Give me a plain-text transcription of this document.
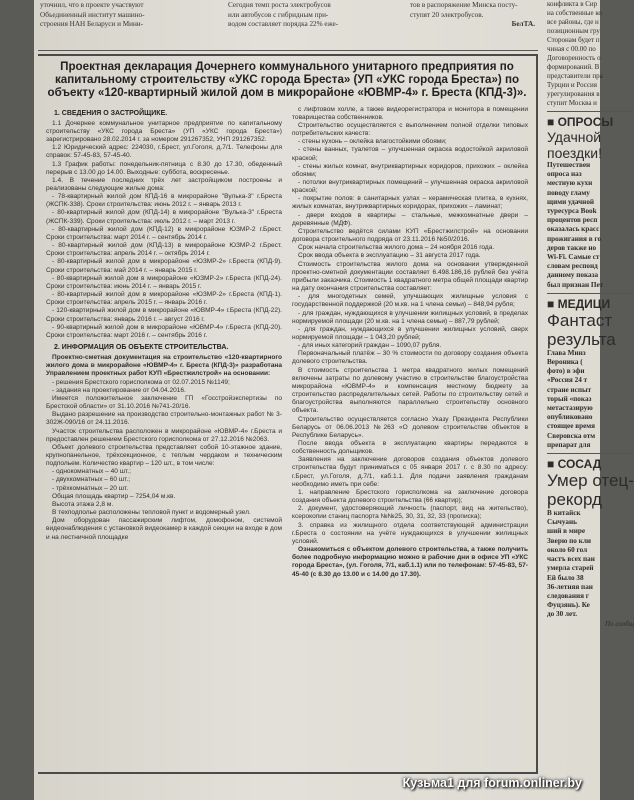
уточнил, что в проекте участвуют
Объединенный институт машино-
строения НАН Беларуси и Мини-
Сегодня темп роста электробусов
или автобусов с гибридным при-
водом составляет порядка 22% еже-
тов в распоряжение Минска посту-
ступят 20 электробусов.
БелТА.
Проектная декларация Дочернего коммунального унитарного предприятия по капитальному строительству «УКС города Бреста» (УП «УКС города Бреста») по объекту «120-квартирный жилой дом в микрорайоне «ЮВМР-4» г. Бреста (КПД-3)».
1. СВЕДЕНИЯ О ЗАСТРОЙЩИКЕ.

1.1 Дочернее коммунальное унитарное предприятие по капитальному строительству «УКС города Бреста» (УП «УКС города Бреста») зарегистрировано 28.02.2014 г. за номером 291267352, УНП 291267352.

1.2 Юридический адрес: 224030, г.Брест, ул.Гоголя, д.7/1. Телефоны для справок: 57-45-83, 57-45-40.

1.3 График работы: понедельник-пятница с 8.30 до 17.30, обеденный перерыв с 13.00 до 14.00. Выходные: суббота, воскресенье.

1.4. В течение последних трёх лет застройщиком построены и реализованы следующие жилые дома:

- 78-квартирный жилой дом КПД-16 в микрорайоне "Вулька-3" г.Бреста (ЖСПК-338). Сроки строительства: июнь 2012 г. – январь 2013 г.

- 80-квартирный жилой дом (КПД-14) в микрорайоне "Вулька-3" г.Бреста (ЖСПК-339). Сроки строительства: июль 2012 г. – март 2013 г.

- 80-квартирный жилой дом (КПД-12) в микрорайоне ЮЗМР-2 г.Брест. Сроки строительства: март 2014 г. – сентябрь 2014 г.

- 80-квартирный жилой дом (КПД-13) в микрорайоне ЮЗМР-2 г.Брест. Сроки строительства: апрель 2014 г. – октябрь 2014 г.

- 80-квартирный жилой дом в микрорайоне «ЮЗМР-2» г.Бреста (КПД-9). Сроки строительства: май 2014 г. – январь 2015 г.

- 80-квартирный жилой дом в микрорайоне «ЮЗМР-2» г.Бреста (КПД-24). Сроки строительства: июнь 2014 г. – январь 2015 г.

- 80-квартирный жилой дом в микрорайоне «ЮЗМР-2» г.Бреста (КПД-1). Сроки строительства: апрель 2015 г. – январь 2016 г.

- 120-квартирный жилой дом в микрорайоне «ЮВМР-4» г.Бреста (КПД-22). Сроки строительства: январь 2016 г. – август 2016 г.

- 90-квартирный жилой дом в микрорайоне «ЮВМР-4» г.Бреста (КПД-20). Сроки строительства: март 2016 г. – сентябрь 2016 г.

2. ИНФОРМАЦИЯ ОБ ОБЪЕКТЕ СТРОИТЕЛЬСТВА.

Проектно-сметная документация на строительство «120-квартирного жилого дома в микрорайоне «ЮВМР-4» г. Бреста (КПД-3)» разработана Управлением проектных работ КУП «Брестжилстрой» на основании:

- решения Брестского горисполкома от 02.07.2015 №1149;

- задания на проектирование от 04.04.2016.

Имеется положительное заключение ГП «Госстройэкспертизы по Брестской области» от 31.10.2016 №741-20/16.

Выдано разрешение на производство строительно-монтажных работ № 3-302Ж-090/16 от 24.11.2016.

Участок строительства расположен в микрорайоне «ЮВМР-4» г.Бреста и предоставлен решением Брестского горисполкома от 27.12.2016 №2063.

Объект долевого строительства представляет собой 10-этажное здание, крупнопанельное, трёхсекционное, с теплым чердаком и техническим подпольем. Количество квартир – 120 шт., в том числе:

- однокомнатных – 40 шт.;

- двухкомнатных – 60 шт.;

- трёхкомнатных – 20 шт.

Общая площадь квартир – 7254,04 м.кв.

Высота этажа 2,8 м.

В техподполье расположены тепловой пункт и водомерный узел.

Дом оборудован пассажирским лифтом, домофоном, системой видеонаблюдения с установкой видеокамер в каждой секции на входе в дом и на лестничной площадке

с лифтовом холле, а также видеорегистратора и монитора в помещении товарищества собственников.

Строительство осуществляется с выполнением полной отделки типовых потребительских качеств:

- стены кухонь – оклейка влагостойкими обоями;

- стены ванных, туалетов – улучшенная окраска водостойкой акриловой краской;

- стены жилых комнат, внутриквартирных коридоров, прихожих – оклейка обоями;

- потолки внутриквартирных помещений – улучшенная окраска акриловой краской;

- покрытие полов: в санитарных узлах – керамическая плитка, в кухнях, жилых комнатах, внутриквартирных коридорах, прихожих – ламинат;

- двери входов в квартиры – стальные, межкомнатные двери – деревянные (МДФ).

Строительство ведётся силами КУП «Брестжилстрой» на основании договора строительного подряда от 23.11.2016 №50/2016.

Срок начала строительства жилого дома – 24 ноября 2016 года.

Срок ввода объекта в эксплуатацию – 31 августа 2017 года.

Стоимость строительства жилого дома на основании утвержденной проектно-сметной документации составляет 6.498.186,16 рублей без учёта прибыли заказчика. Стоимость 1 квадратного метра общей площади квартир на дату окончания строительства составляет:

- для многодетных семей, улучшающих жилищные условия с государственной поддержкой (20 м.кв. на 1 члена семьи) – 848,94 рубля;

- для граждан, нуждающихся в улучшении жилищных условий, в пределах нормируемой площади (20 м.кв. на 1 члена семьи) – 887,79 рублей;

- для граждан, нуждающихся в улучшении жилищных условий, сверх нормируемой площади – 1 043,20 рублей;

- для иных категорий граждан – 1090,07 рубля.

Первоначальный платёж – 30 % стоимости по договору создания объекта долевого строительства.

В стоимость строительства 1 метра квадратного жилых помещений включены затраты по долевому участию в строительстве благоустройства микрорайона «ЮВМР-4» и компенсация местному бюджету за строительство распределительных сетей. Работы по строительству сетей и благоустройства выполняются параллельно строительству основного объекта.

Строительство осуществляется согласно Указу Президента Республики Беларусь от 06.06.2013 №263 «О долевом строительстве объектов в Республике Беларусь».

После ввода объекта в эксплуатацию квартиры передаются в собственность дольщиков.

Заявления на заключение договоров создания объектов долевого строительства будут приниматься с 05 января 2017 г. с 8.30 по адресу: г.Брест, ул.Гоголя, д.7/1, каб.1.1. Для подачи заявления гражданам необходимо иметь при себе:

1. направление Брестского горисполкома на заключение договора создания объекта долевого строительства (66 квартир);

2. документ, удостоверяющий личность (паспорт, вид на жительство), ксерокопии станиц паспорта №№25, 30, 31, 32, 33 (прописка);

3. справка из жилищного отдела соответствующей администрации г.Бреста о состоянии на учёте нуждающихся в улучшении жилищных условий.

Ознакомиться с объектом долевого строительства, а также получить более подробную информацию можно в рабочие дни в офисе УП «УКС города Бреста», (ул. Гоголя, 7/1, каб.1.1) или по телефонам: 57-45-83, 57-45-40 (с 8.30 до 13.00 и с 14.00 до 17.30).

конфликта в Сир
на собственные ко
все районы, где н
позиционным гру
Сторонам будет п
чиная с 00.00 по
Договоренность о
формирований. В
представители пра
Турции и Россия
урегулирования в
ступит Москва и
■ ОПРОСЫ
Удачной поездки!
Путешествен
опроса наз
местную кухн
поводу гламу
щими удачной
туресурса Book
процентов респ
оказалась красс
прожигания в го
деров также но
Wi-Fi. Самые ст
словам респонд
данному показа
был признан Пет
■ МЕДИЦИ
Фантаст результа
Глава Минз
Вероника (
фото) в эфи
«Россия 24 т
стране испыт
торый «показ
метастазирую
опубликовано
стоящее время
Сверовска отм
препарат для
■ СОСАД
Умер отец- рекорд
В китайск
Сычуань
ший в мире
Зверю по кли
около 60 гол
частъ всех пан
умерла старей
Ей было 38
36-летняя пан
следования г
Фуцзянь). Ке
до 30 лет.
По сообщ
Кузьма1 для forum.onliner.by
